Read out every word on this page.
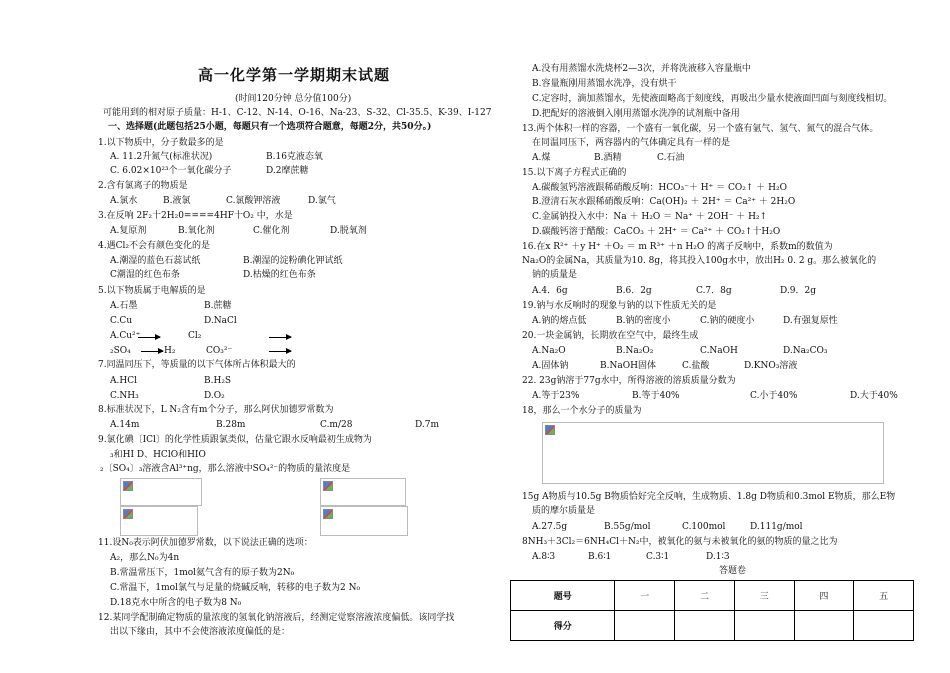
高一化学第一学期期末试题
(时间120分钟 总分值100分)
可能用到的相对原子质量：H-1、C-12、N-14、O-16、Na-23、S-32、Cl-35.5、K-39、I-127
一、选择题(此题包括25小题，每题只有一个选项符合题意，每题2分，共50分。)
1.以下物质中，分子数最多的是
A. 11.2升氮气(标准状况)	B.16克液态氧
C. 6.02×10²³个一氧化碳分子	D.2摩蔗糖
2.含有氯离子的物质是
A.氯水	B.液氯	C.氯酸钾溶液	D.氯气
3.在反响 2F₂十2H₂0====4HF十O₂ 中，水是
A.复原剂	B.氧化剂	C.催化剂	D.脱氧剂
4.遇Cl₂不会有颜色变化的是
A.潮湿的蓝色石蕊试纸	B.潮湿的淀粉碘化钾试纸
C潮湿的红色布条	D.枯燥的红色布条
5.以下物质属于电解质的是
A.石墨	B.蔗糖
C.Cu	D.NaCl
A.Cu²⁺	Cl₂
₂SO₄	H₂	CO₃²⁻
7.同温同压下，等质量的以下气体所占体积最大的
A.HCl	B.H₂S
C.NH₃	D.O₂
8.标准状况下，L N₂含有m个分子，那么阿伏加德罗常数为
A.14m	B.28m	C.m/28	D.7m
9.氯化碘〔ICl〕的化学性质跟氯类似，估量它跟水反响最初生成物为
₃和HI D、HClO和HIO
₂〔SO₄〕₃溶液含Al³⁺ng，那么溶液中SO₄²⁻的物质的量浓度是
11.设N₀表示阿伏加德罗常数，以下说法正确的选项：
A₂，那么N₀为4n
B.常温常压下，1mol氦气含有的原子数为2N₀
C.常温下，1mol氯气与足量的烧碱反响，转移的电子数为2 N₀
D.18克水中所含的电子数为8 N₀
12.某同学配制确定物质的量浓度的氢氧化钠溶液后，经测定觉察溶液浓度偏低。该同学找
出以下缘由，其中不会使溶液浓度偏低的是：
A.没有用蒸馏水洗烧杯2—3次，并将洗液移入容量瓶中
B.容量瓶刚用蒸馏水洗净，没有烘干
C.定容时，滴加蒸馏水，先使液面略高于刻度线，再吸出少量水使液面凹面与刻度线相切。
D.把配好的溶液倒入刚用蒸馏水洗净的试剂瓶中备用
13.两个体积一样的容器，一个盛有一氧化碳，另一个盛有氩气、氢气、氮气的混合气体。
在同温同压下，两容器内的气体确定具有一样的是
A.煤	B.酒精	C.石油
15.以下离子方程式正确的
A.碳酸氢钙溶液跟稀硝酸反响：HCO₃⁻＋ H⁺ ＝ CO₂↑ ＋ H₂O
B.澄清石灰水跟稀硝酸反响：Ca(OH)₂ ＋ 2H⁺ ＝ Ca²⁺ ＋ 2H₂O
C.金属钠投入水中：Na ＋ H₂O ＝ Na⁺ ＋ 2OH⁻ ＋ H₂↑
D.碳酸钙溶于醋酸：CaCO₃ ＋ 2H⁺ ＝ Ca²⁺ ＋ CO₂↑十H₂O
16.在x R²⁺ ＋y H⁺ ＋O₂ ＝ m R³⁺ ＋n H₂O 的离子反响中，系数m的数值为
Na₂O的金属Na，其质量为10. 8g，将其投入100g水中，放出H₂ 0. 2 g。那么被氧化的
钠的质量是
A.4．6g	B.6．2g	C.7．8g	D.9．2g
19.钠与水反响时的现象与钠的以下性质无关的是
A.钠的熔点低	B.钠的密度小	C.钠的硬度小	D.有强复原性
20.一块金属钠，长期放在空气中，最终生成
A.Na₂O	B.Na₂O₂	C.NaOH	D.Na₂CO₃
A.固体钠	B.NaOH固体	C.盐酸	D.KNO₃溶液
22. 23g钠溶于77g水中，所得溶液的溶质质量分数为
A.等于23%	B.等于40%	C.小于40%	D.大于40%
18，那么一个水分子的质量为
15g A物质与10.5g B物质恰好完全反响，生成物质、1.8g D物质和0.3mol E物质，那么E物
质的摩尔质量是
A.27.5g	B.55g/mol	C.100mol	D.111g/mol
8NH₃＋3Cl₂＝6NH₄Cl＋N₂中，被氧化的氨与未被氧化的氨的物质的量之比为
A.8∶3	B.6∶1	C.3∶1	D.1∶3
答题卷
题号	一	二	三	四	五
得分					
